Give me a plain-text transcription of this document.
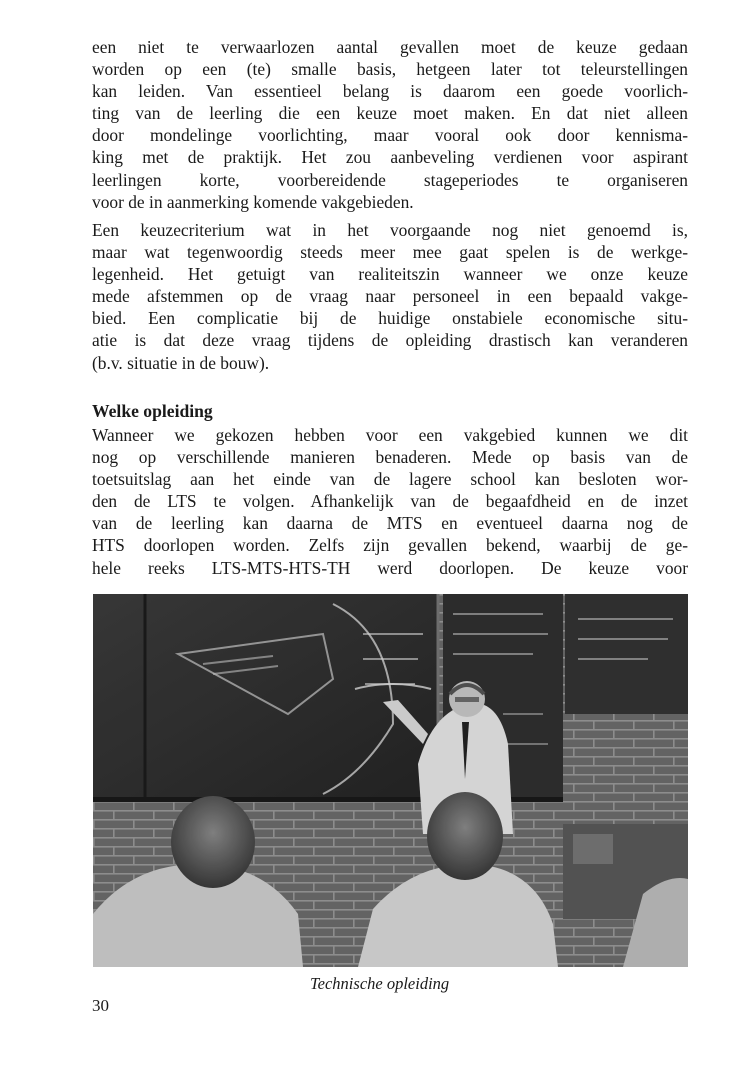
een niet te verwaarlozen aantal gevallen moet de keuze gedaan
worden op een (te) smalle basis, hetgeen later tot teleurstellingen
kan leiden. Van essentieel belang is daarom een goede voorlich-
ting van de leerling die een keuze moet maken. En dat niet alleen
door mondelinge voorlichting, maar vooral ook door kennisma-
king met de praktijk. Het zou aanbeveling verdienen voor aspirant
leerlingen korte, voorbereidende stageperiodes te organiseren
voor de in aanmerking komende vakgebieden.
Een keuzecriterium wat in het voorgaande nog niet genoemd is,
maar wat tegenwoordig steeds meer mee gaat spelen is de werkge-
legenheid. Het getuigt van realiteitszin wanneer we onze keuze
mede afstemmen op de vraag naar personeel in een bepaald vakge-
bied. Een complicatie bij de huidige onstabiele economische situ-
atie is dat deze vraag tijdens de opleiding drastisch kan veranderen
(b.v. situatie in de bouw).
Welke opleiding
Wanneer we gekozen hebben voor een vakgebied kunnen we dit
nog op verschillende manieren benaderen. Mede op basis van de
toetsuitslag aan het einde van de lagere school kan besloten wor-
den de LTS te volgen. Afhankelijk van de begaafdheid en de inzet
van de leerling kan daarna de MTS en eventueel daarna nog de
HTS doorlopen worden. Zelfs zijn gevallen bekend, waarbij de ge-
hele reeks LTS-MTS-HTS-TH werd doorlopen. De keuze voor

Technische opleiding

30
